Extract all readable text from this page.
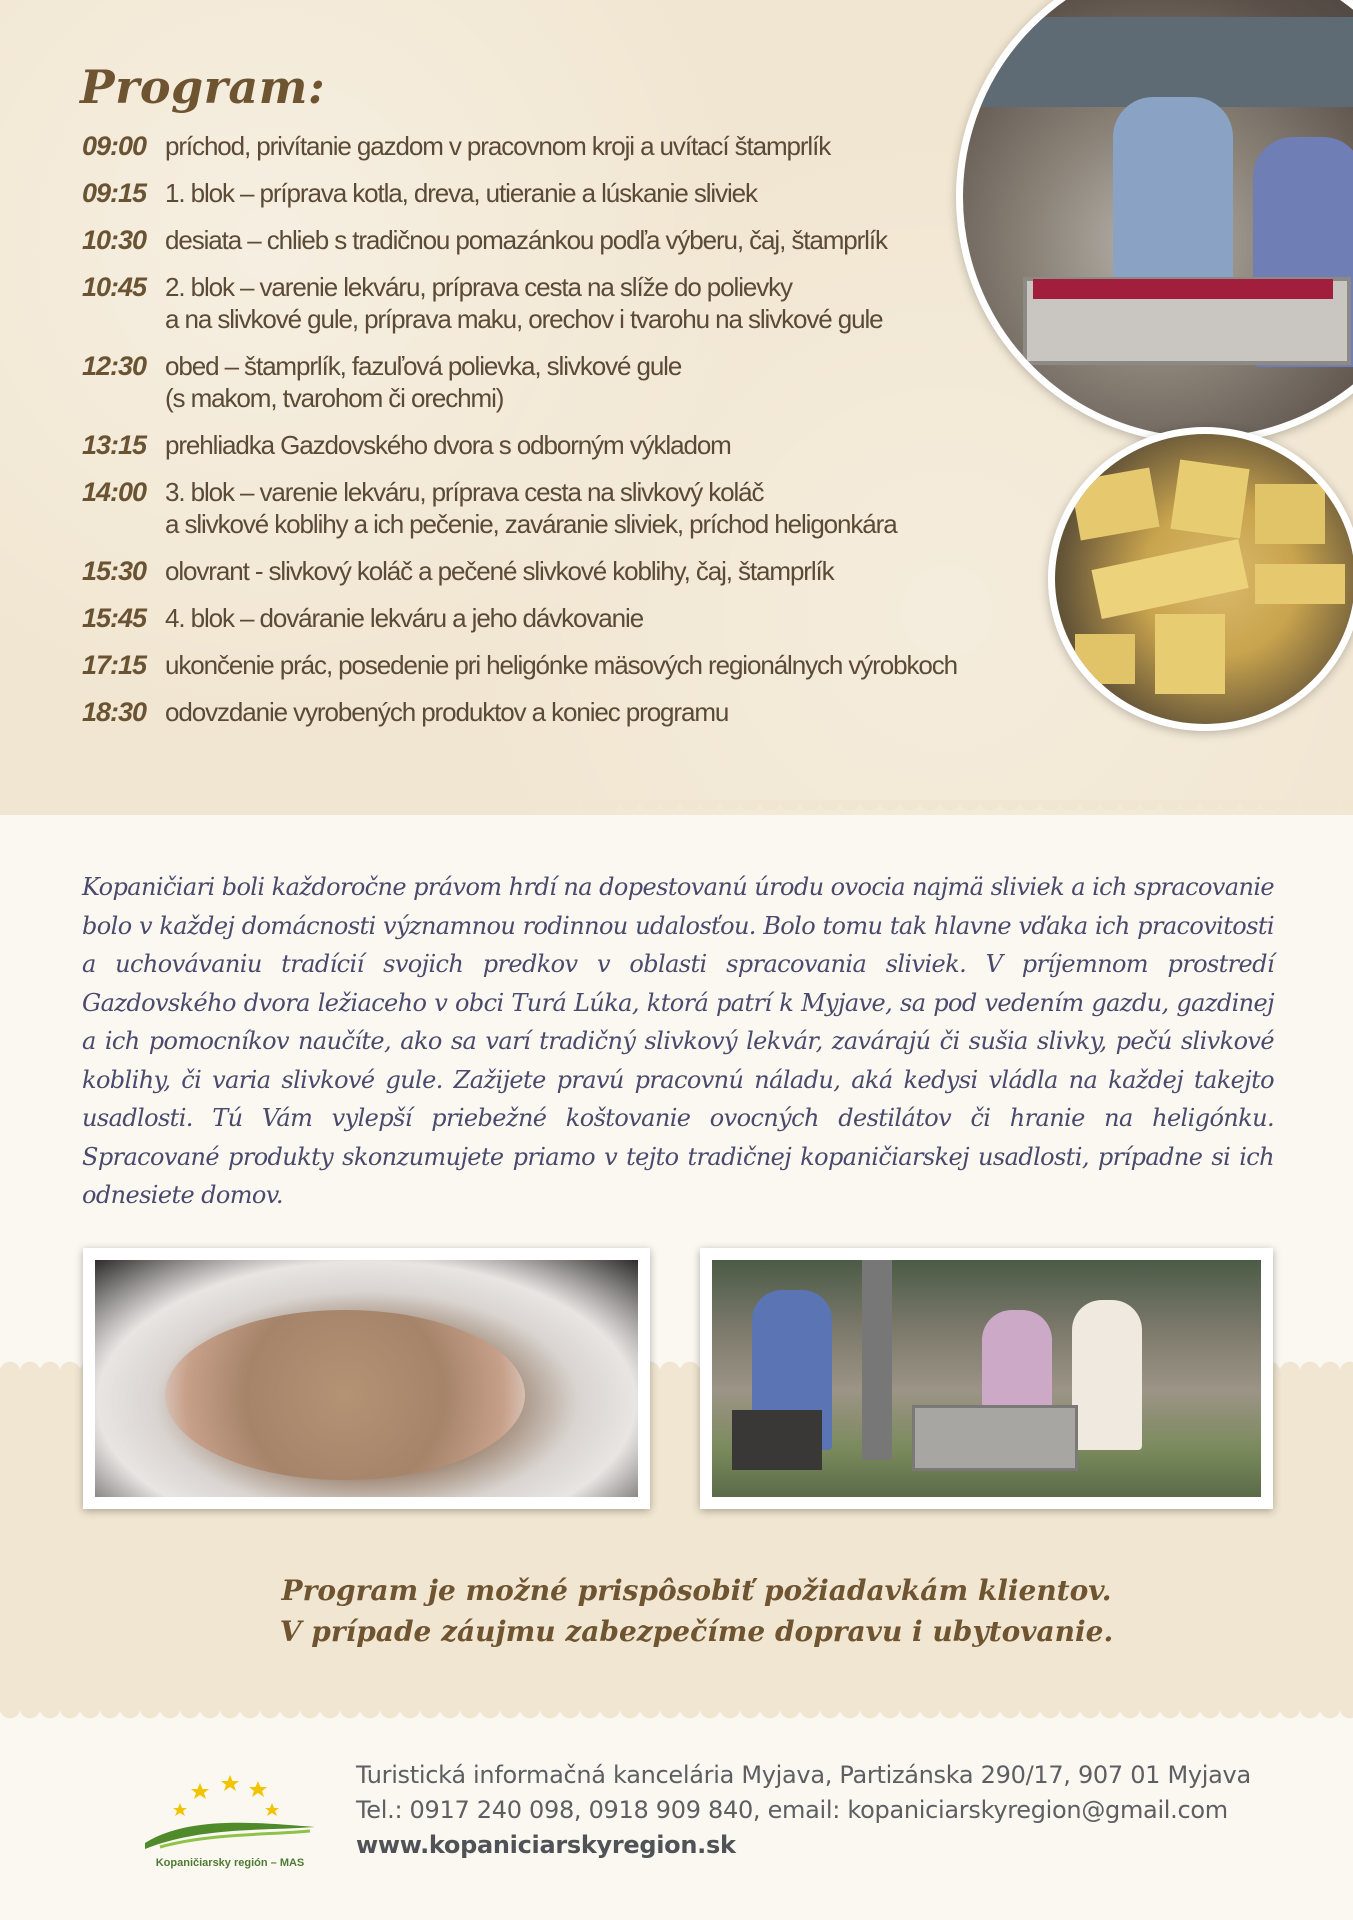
Program:
09:00 príchod, privítanie gazdom v pracovnom kroji a uvítací štamprlík
09:15 1. blok – príprava kotla, dreva, utieranie a lúskanie sliviek
10:30 desiata – chlieb s tradičnou pomazánkou podľa výberu, čaj, štamprlík
10:45 2. blok – varenie lekváru, príprava cesta na slíže do polievky
a na slivkové gule, príprava maku, orechov i tvarohu na slivkové gule
12:30 obed – štamprlík, fazuľová polievka, slivkové gule
(s makom, tvarohom či orechmi)
13:15 prehliadka Gazdovského dvora s odborným výkladom
14:00 3. blok – varenie lekváru, príprava cesta na slivkový koláč
a slivkové koblihy a ich pečenie, zaváranie sliviek, príchod heligonkára
15:30 olovrant - slivkový koláč a pečené slivkové koblihy, čaj, štamprlík
15:45 4. blok – dováranie lekváru a jeho dávkovanie
17:15 ukončenie prác, posedenie pri heligónke mäsových regionálnych výrobkoch
18:30 odovzdanie vyrobených produktov a koniec programu
Kopaničiari boli každoročne právom hrdí na dopestovanú úrodu ovocia najmä sliviek a ich spracovanie bolo v každej domácnosti významnou rodinnou udalosťou. Bolo tomu tak hlavne vďaka ich pracovitosti a uchovávaniu tradícií svojich predkov v oblasti spracovania sliviek. V príjemnom prostredí Gazdovského dvora ležiaceho v obci Turá Lúka, ktorá patrí k Myjave, sa pod vedením gazdu, gazdinej a ich pomocníkov naučíte, ako sa varí tradičný slivkový lekvár, zavárajú či sušia slivky, pečú slivkové koblihy, či varia slivkové gule. Zažijete pravú pracovnú náladu, aká kedysi vládla na každej takejto usadlosti. Tú Vám vylepší priebežné koštovanie ovocných destilátov či hranie na heligónku. Spracované produkty skonzumujete priamo v tejto tradičnej kopaničiarskej usadlosti, prípadne si ich odnesiete domov.
Program je možné prispôsobiť požiadavkám klientov.
V prípade záujmu zabezpečíme dopravu i ubytovanie.
Kopaničiarsky región – MAS
Turistická informačná kancelária Myjava, Partizánska 290/17, 907 01 Myjava
Tel.: 0917 240 098, 0918 909 840, email: kopaniciarskyregion@gmail.com
www.kopaniciarskyregion.sk
